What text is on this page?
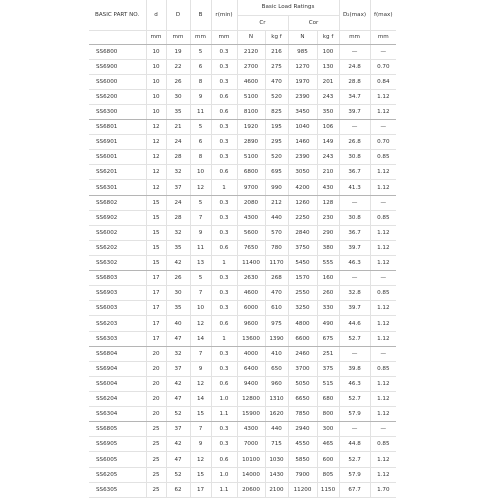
BASIC PART NO.	d	D	B	r(min)	Basic Load Ratings				D₂(max)	f(max)
					Cr		Cor			
	mm	mm	mm	mm	N	kg f	N	kg f	mm	mm
SS6800	10	19	5	0.3	2120	216	985	100	—	—
SS6900	10	22	6	0.3	2700	275	1270	130	24.8	0.70
SS6000	10	26	8	0.3	4600	470	1970	201	28.8	0.84
SS6200	10	30	9	0.6	5100	520	2390	243	34.7	1.12
SS6300	10	35	11	0.6	8100	825	3450	350	39.7	1.12
SS6801	12	21	5	0.3	1920	195	1040	106	—	—
SS6901	12	24	6	0.3	2890	295	1460	149	26.8	0.70
SS6001	12	28	8	0.3	5100	520	2390	243	30.8	0.85
SS6201	12	32	10	0.6	6800	695	3050	210	36.7	1.12
SS6301	12	37	12	1	9700	990	4200	430	41.3	1.12
SS6802	15	24	5	0.3	2080	212	1260	128	—	—
SS6902	15	28	7	0.3	4300	440	2250	230	30.8	0.85
SS6002	15	32	9	0.3	5600	570	2840	290	36.7	1.12
SS6202	15	35	11	0.6	7650	780	3750	380	39.7	1.12
SS6302	15	42	13	1	11400	1170	5450	555	46.3	1.12
SS6803	17	26	5	0.3	2630	268	1570	160	—	—
SS6903	17	30	7	0.3	4600	470	2550	260	32.8	0.85
SS6003	17	35	10	0.3	6000	610	3250	330	39.7	1.12
SS6203	17	40	12	0.6	9600	975	4800	490	44.6	1.12
SS6303	17	47	14	1	13600	1390	6600	675	52.7	1.12
SS6804	20	32	7	0.3	4000	410	2460	251	—	—
SS6904	20	37	9	0.3	6400	650	3700	375	39.8	0.85
SS6004	20	42	12	0.6	9400	960	5050	515	46.3	1.12
SS6204	20	47	14	1.0	12800	1310	6650	680	52.7	1.12
SS6304	20	52	15	1.1	15900	1620	7850	800	57.9	1.12
SS6805	25	37	7	0.3	4300	440	2940	300	—	—
SS6905	25	42	9	0.3	7000	715	4550	465	44.8	0.85
SS6005	25	47	12	0.6	10100	1030	5850	600	52.7	1.12
SS6205	25	52	15	1.0	14000	1430	7900	805	57.9	1.12
SS6305	25	62	17	1.1	20600	2100	11200	1150	67.7	1.70
